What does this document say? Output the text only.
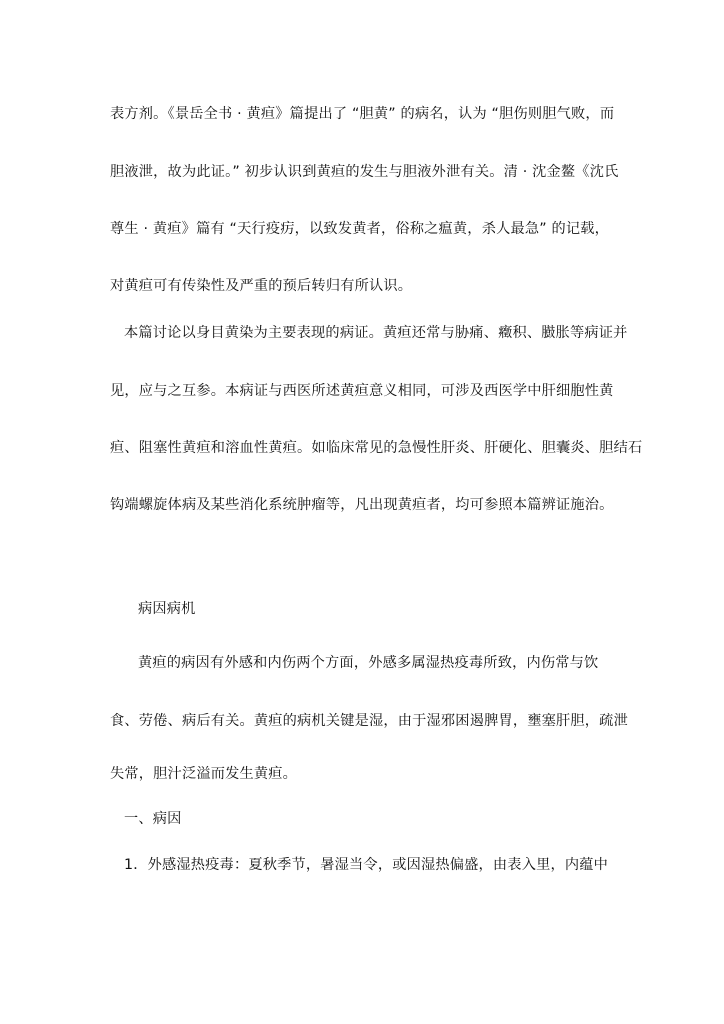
表方剂。《景岳全书 · 黄疸》篇提出了 “胆黄” 的病名，认为 “胆伤则胆气败，而
胆液泄，故为此证。” 初步认识到黄疸的发生与胆液外泄有关。清 · 沈金鳌《沈氏
尊生 · 黄疸》篇有 “天行疫疠，以致发黄者，俗称之瘟黄，杀人最急” 的记载，
对黄疸可有传染性及严重的预后转归有所认识。
本篇讨论以身目黄染为主要表现的病证。黄疸还常与胁痛、癥积、臌胀等病证并
见，应与之互参。本病证与西医所述黄疸意义相同，可涉及西医学中肝细胞性黄
疸、阻塞性黄疸和溶血性黄疸。如临床常见的急慢性肝炎、肝硬化、胆囊炎、胆结石
钩端螺旋体病及某些消化系统肿瘤等，凡出现黄疸者，均可参照本篇辨证施治。
病因病机
黄疸的病因有外感和内伤两个方面，外感多属湿热疫毒所致，内伤常与饮
食、劳倦、病后有关。黄疸的病机关键是湿，由于湿邪困遏脾胃，壅塞肝胆，疏泄
失常，胆汁泛溢而发生黄疸。
一、病因
1．外感湿热疫毒：夏秋季节，暑湿当令，或因湿热偏盛，由表入里，内蕴中
